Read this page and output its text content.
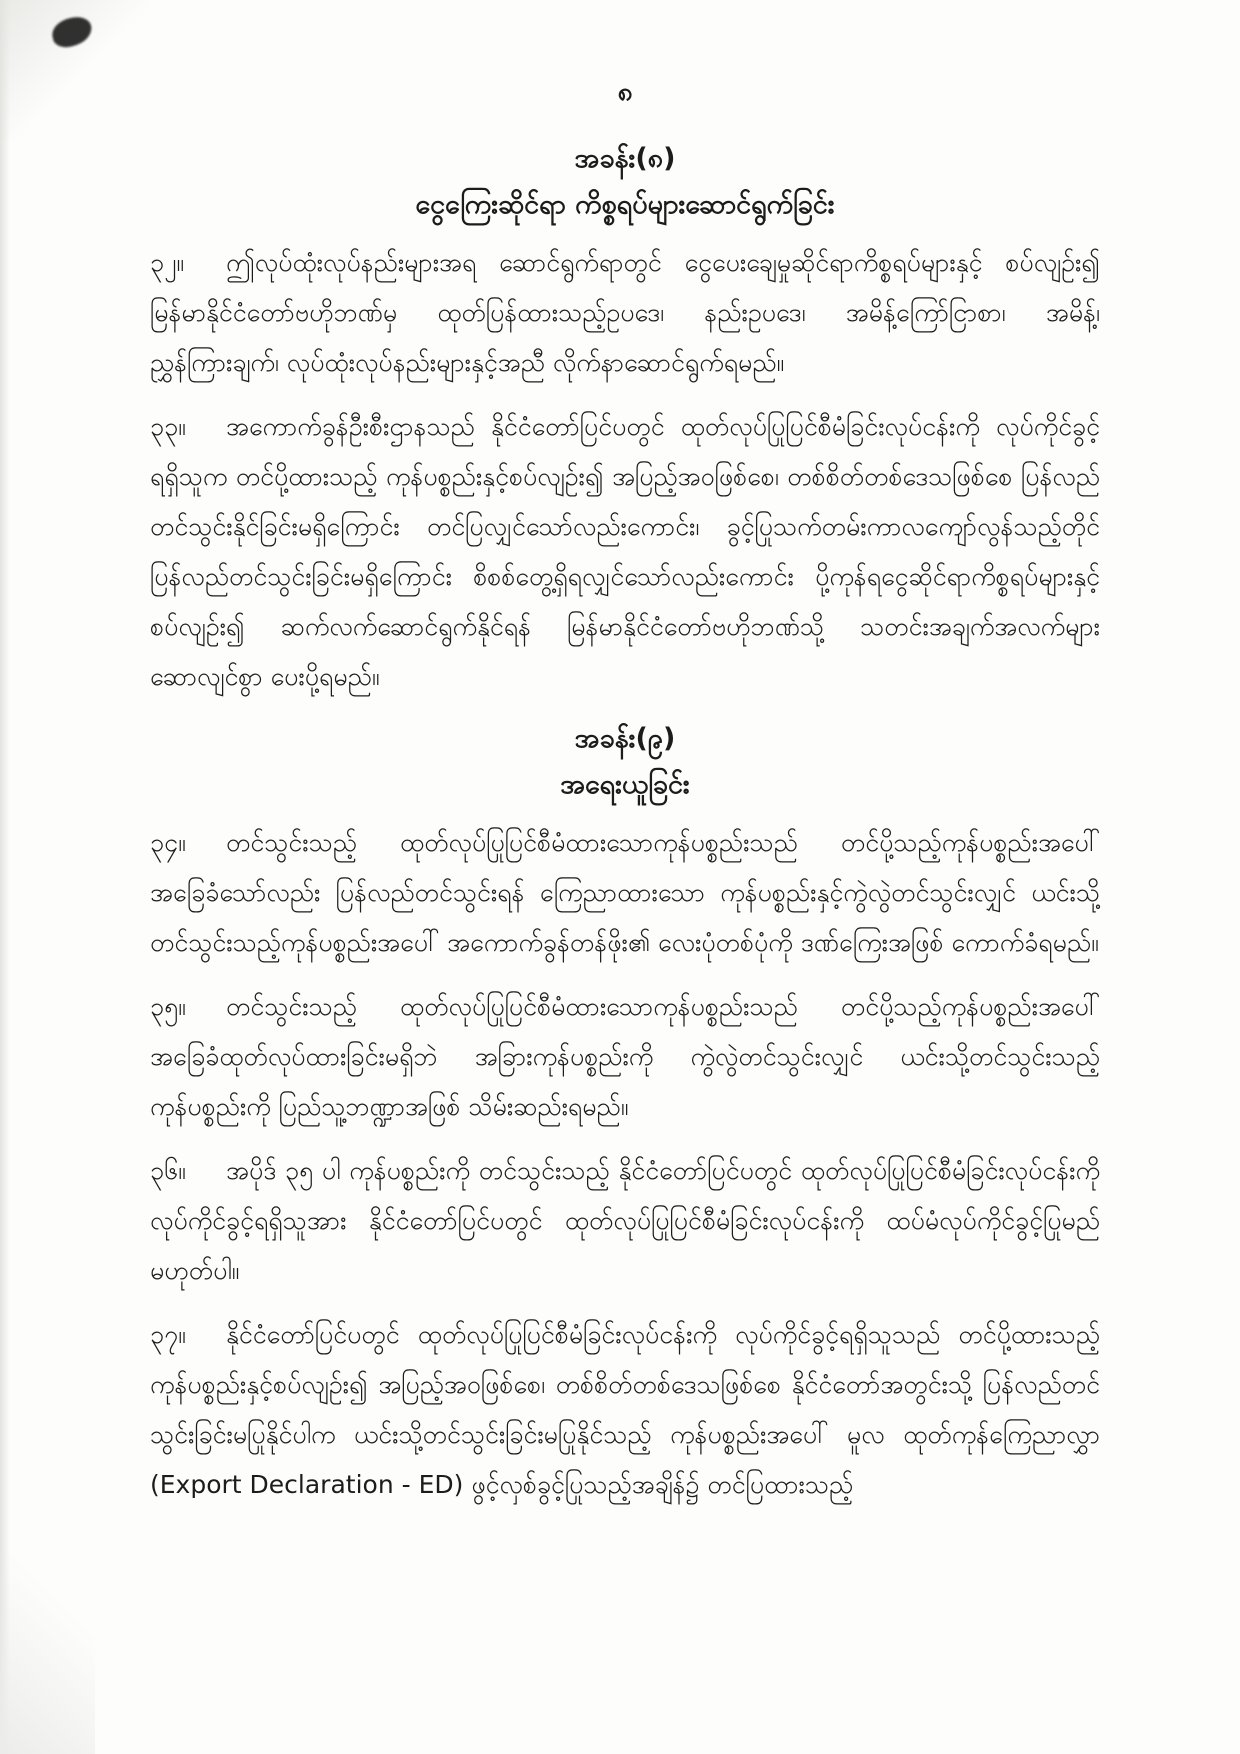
၈
အခန်း(၈)
ငွေကြေးဆိုင်ရာ ကိစ္စရပ်များဆောင်ရွက်ခြင်း
၃၂။ ဤလုပ်ထုံးလုပ်နည်းများအရ ဆောင်ရွက်ရာတွင် ငွေပေးချေမှုဆိုင်ရာကိစ္စရပ်များနှင့် စပ်လျဉ်း၍ မြန်မာနိုင်ငံတော်ဗဟိုဘဏ်မှ ထုတ်ပြန်ထားသည့်ဥပဒေ၊ နည်းဥပဒေ၊ အမိန့်ကြော်ငြာစာ၊ အမိန့်၊ ညွှန်ကြားချက်၊ လုပ်ထုံးလုပ်နည်းများနှင့်အညီ လိုက်နာဆောင်ရွက်ရမည်။
၃၃။ အကောက်ခွန်ဦးစီးဌာနသည် နိုင်ငံတော်ပြင်ပတွင် ထုတ်လုပ်ပြုပြင်စီမံခြင်းလုပ်ငန်းကို လုပ်ကိုင်ခွင့်ရရှိသူက တင်ပို့ထားသည့် ကုန်ပစ္စည်းနှင့်စပ်လျဉ်း၍ အပြည့်အဝဖြစ်စေ၊ တစ်စိတ်တစ်ဒေသဖြစ်စေ ပြန်လည်တင်သွင်းနိုင်ခြင်းမရှိကြောင်း တင်ပြလျှင်သော်လည်းကောင်း၊ ခွင့်ပြုသက်တမ်းကာလကျော်လွန်သည့်တိုင် ပြန်လည်တင်သွင်းခြင်းမရှိကြောင်း စိစစ်တွေ့ရှိရလျှင်သော်လည်းကောင်း ပို့ကုန်ရငွေဆိုင်ရာကိစ္စရပ်များနှင့်စပ်လျဉ်း၍ ဆက်လက်ဆောင်ရွက်နိုင်ရန် မြန်မာနိုင်ငံတော်ဗဟိုဘဏ်သို့ သတင်းအချက်အလက်များ ဆောလျင်စွာ ပေးပို့ရမည်။
အခန်း(၉)
အရေးယူခြင်း
၃၄။ တင်သွင်းသည့် ထုတ်လုပ်ပြုပြင်စီမံထားသောကုန်ပစ္စည်းသည် တင်ပို့သည့်ကုန်ပစ္စည်းအပေါ် အခြေခံသော်လည်း ပြန်လည်တင်သွင်းရန် ကြေညာထားသော ကုန်ပစ္စည်းနှင့်ကွဲလွဲတင်သွင်းလျှင် ယင်းသို့တင်သွင်းသည့်ကုန်ပစ္စည်းအပေါ် အကောက်ခွန်တန်ဖိုး၏ လေးပုံတစ်ပုံကို ဒဏ်ကြေးအဖြစ် ကောက်ခံရမည်။
၃၅။ တင်သွင်းသည့် ထုတ်လုပ်ပြုပြင်စီမံထားသောကုန်ပစ္စည်းသည် တင်ပို့သည့်ကုန်ပစ္စည်းအပေါ် အခြေခံထုတ်လုပ်ထားခြင်းမရှိဘဲ အခြားကုန်ပစ္စည်းကို ကွဲလွဲတင်သွင်းလျှင် ယင်းသို့တင်သွင်းသည့် ကုန်ပစ္စည်းကို ပြည်သူ့ဘဏ္ဍာအဖြစ် သိမ်းဆည်းရမည်။
၃၆။ အပိုဒ် ၃၅ ပါ ကုန်ပစ္စည်းကို တင်သွင်းသည့် နိုင်ငံတော်ပြင်ပတွင် ထုတ်လုပ်ပြုပြင်စီမံခြင်းလုပ်ငန်းကို လုပ်ကိုင်ခွင့်ရရှိသူအား နိုင်ငံတော်ပြင်ပတွင် ထုတ်လုပ်ပြုပြင်စီမံခြင်းလုပ်ငန်းကို ထပ်မံလုပ်ကိုင်ခွင့်ပြုမည်မဟုတ်ပါ။
၃၇။ နိုင်ငံတော်ပြင်ပတွင် ထုတ်လုပ်ပြုပြင်စီမံခြင်းလုပ်ငန်းကို လုပ်ကိုင်ခွင့်ရရှိသူသည် တင်ပို့ထားသည့်ကုန်ပစ္စည်းနှင့်စပ်လျဉ်း၍ အပြည့်အဝဖြစ်စေ၊ တစ်စိတ်တစ်ဒေသဖြစ်စေ နိုင်ငံတော်အတွင်းသို့ ပြန်လည်တင်သွင်းခြင်းမပြုနိုင်ပါက ယင်းသို့တင်သွင်းခြင်းမပြုနိုင်သည့် ကုန်ပစ္စည်းအပေါ် မူလ ထုတ်ကုန်ကြေညာလွှာ (Export Declaration - ED) ဖွင့်လှစ်ခွင့်ပြုသည့်အချိန်၌ တင်ပြထားသည့်
